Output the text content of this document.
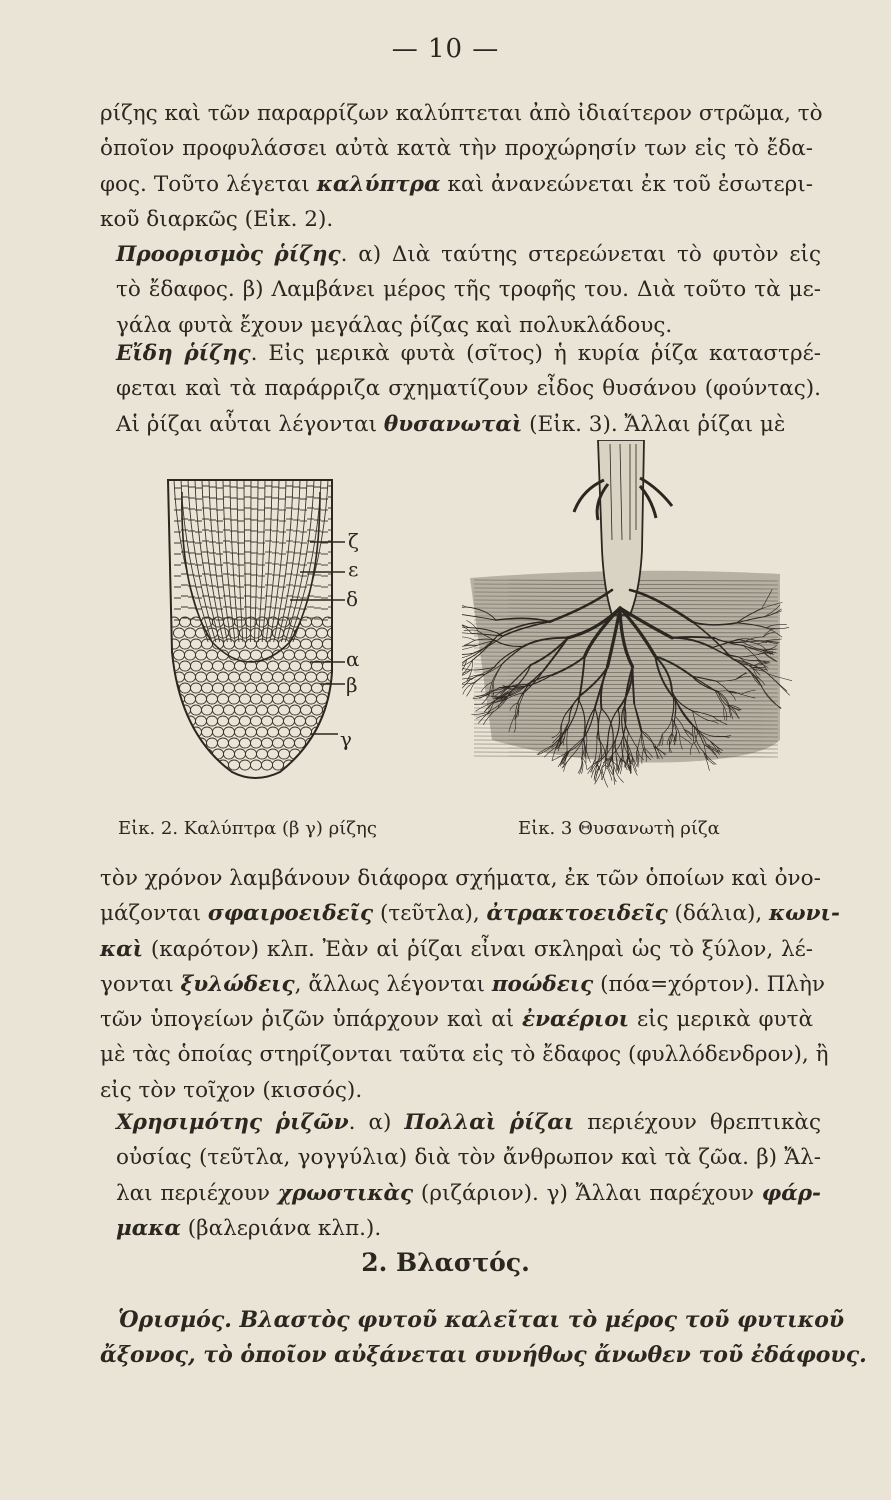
— 10 —
ρίζης καὶ τῶν παραρρίζων καλύπτεται ἀπὸ ἰδιαίτερον στρῶμα, τὸ
ὁποῖον προφυλάσσει αὐτὰ κατὰ τὴν προχώρησίν των εἰς τὸ ἔδα-
φος. Τοῦτο λέγεται καλύπτρα καὶ ἀνανεώνεται ἐκ τοῦ ἐσωτερι-
κοῦ διαρκῶς (Εἰκ. 2).
Προορισμὸς ῥίζης. α) Διὰ ταύτης στερεώνεται τὸ φυτὸν εἰς
τὸ ἔδαφος. β) Λαμβάνει μέρος τῆς τροφῆς του. Διὰ τοῦτο τὰ με-
γάλα φυτὰ ἔχουν μεγάλας ῥίζας καὶ πολυκλάδους.
Εἴδη ῥίζης. Εἰς μερικὰ φυτὰ (σῖτος) ἡ κυρία ῥίζα καταστρέ-
φεται καὶ τὰ παράρριζα σχηματίζουν εἶδος θυσάνου (φούντας).
Αἱ ῥίζαι αὗται λέγονται θυσανωταὶ (Εἰκ. 3). Ἄλλαι ῥίζαι μὲ
ζ
ε
δ
α
β
γ
Εἰκ. 2. Καλύπτρα (β γ) ρίζης	Εἰκ. 3 Θυσανωτὴ ρίζα
τὸν χρόνον λαμβάνουν διάφορα σχήματα, ἐκ τῶν ὁποίων καὶ ὀνο-
μάζονται σφαιροειδεῖς (τεῦτλα), ἀτρακτοειδεῖς (δάλια), κωνι-
καὶ (καρότον) κλπ. Ἐὰν αἱ ῥίζαι εἶναι σκληραὶ ὡς τὸ ξύλον, λέ-
γονται ξυλώδεις, ἄλλως λέγονται ποώδεις (πόα=χόρτον). Πλὴν
τῶν ὑπογείων ῥιζῶν ὑπάρχουν καὶ αἱ ἐναέριοι εἰς μερικὰ φυτὰ
μὲ τὰς ὁποίας στηρίζονται ταῦτα εἰς τὸ ἔδαφος (φυλλόδενδρον), ἢ
εἰς τὸν τοῖχον (κισσός).
Χρησιμότης ῥιζῶν. α) Πολλαὶ ῥίζαι περιέχουν θρεπτικὰς
οὐσίας (τεῦτλα, γογγύλια) διὰ τὸν ἄνθρωπον καὶ τὰ ζῶα. β) Ἄλ-
λαι περιέχουν χρωστικὰς (ριζάριον). γ) Ἄλλαι παρέχουν φάρ-
μακα (βαλεριάνα κλπ.).
2. Βλαστός.
Ὁρισμός. Βλαστὸς φυτοῦ καλεῖται τὸ μέρος τοῦ φυτικοῦ
ἄξονος, τὸ ὁποῖον αὐξάνεται συνήθως ἄνωθεν τοῦ ἐδάφους.
